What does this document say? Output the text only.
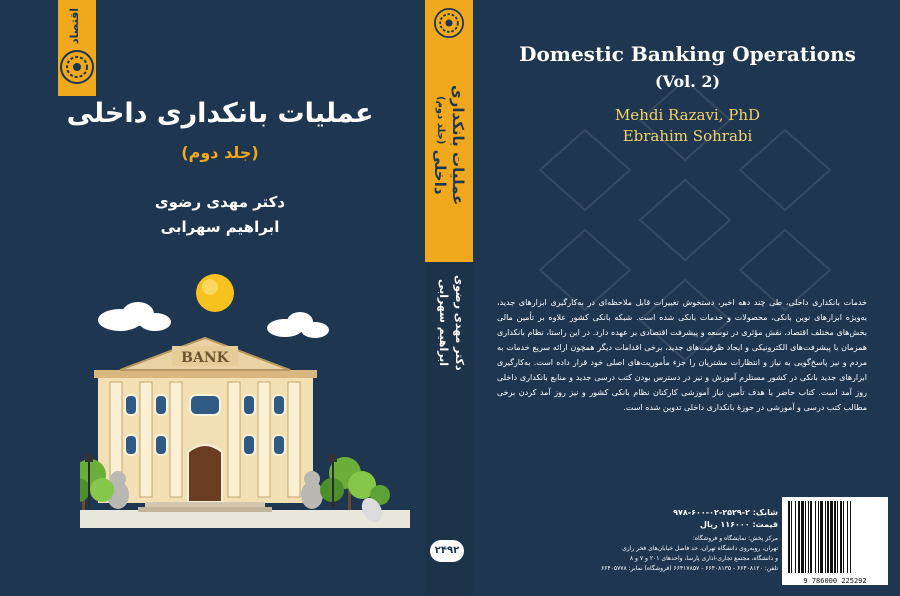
اقتصاد
عملیات بانکداری داخلی
(جلد دوم)
دکتر مهدی رضوی
ابراهیم سهرابی
BANK
عملیات بانکداری داخلی (جلد دوم)
دکتر مهدی رضوی
ابراهیم سهرابی
۲۴۹۲
Domestic Banking Operations
(Vol. 2)
Mehdi Razavi, PhD
Ebrahim Sohrabi
خدمات بانکداری داخلی، طی چند دهه اخیر، دستخوش تغییرات قابل ملاحظه‌ای در به‌کارگیری ابزارهای جدید، به‌ویژه ابزارهای نوین بانکی، محصولات و خدمات بانکی شده است. شبکه بانکی کشور علاوه بر تأمین مالی بخش‌های مختلف اقتصاد، نقش مؤثری در توسعه و پیشرفت اقتصادی بر عهده دارد. در این راستا، نظام بانکداری همزمان با پیشرفت‌های الکترونیکی و ایجاد ظرفیت‌های جدید، برخی اقدامات دیگر همچون ارائه سریع خدمات به مردم و نیز پاسخ‌گویی به نیاز و انتظارات مشتریان را جزء مأموریت‌های اصلی خود قرار داده است. به‌کارگیری ابزارهای جدید بانکی در کشور مستلزم آموزش و نیز در دسترس بودن کتب درسی جدید و منابع بانکداری داخلی روز آمد است. کتاب حاضر با هدف تأمین نیاز آموزشی کارکنان نظام بانکی کشور و نیز روز آمد کردن برخی مطالب کتب درسی و آموزشی در حوزهٔ بانکداری داخلی تدوین شده است.
شابک: ۲-۲۵۲۹-۰۲-۶۰۰-۹۷۸
قیمت: ۱۱۶۰۰۰ ریال
مرکز پخش: نمایشگاه و فروشگاه:
تهران، روبه‌روی دانشگاه تهران، حد فاصل خیابان‌های فخر رازی
و دانشگاه، مجتمع تجاری-اداری پارسا، واحدهای ۲۰۱ و ۷ و ۸
تلفن: ۶۶۴۰۸۱۲۰ - ۶۶۴۰۸۱۳۵ - ۶۶۴۱۷۸۵۷ (فروشگاه) نمابر: ۶۶۴۰۵۷۷۸
9 786000 225292
